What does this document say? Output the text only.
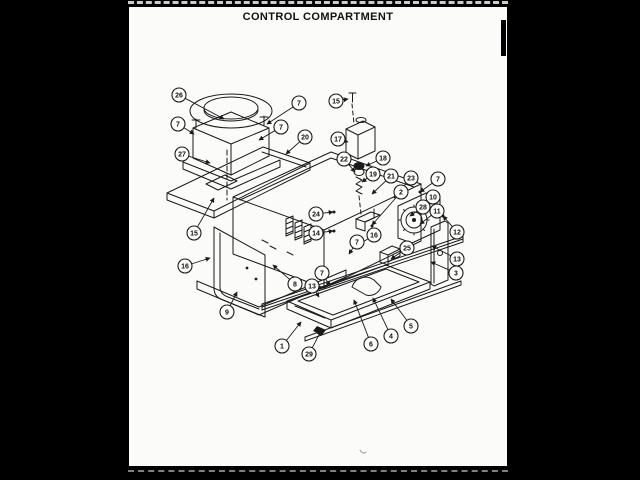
CONTROL COMPARTMENT
26
7
27
7
7
20
15
17
22	18
19 21 23	7
2
10
28
11
12
24
14
15
16
9
8 13
7
16
25
7
13
3
5
4
6
1
29
